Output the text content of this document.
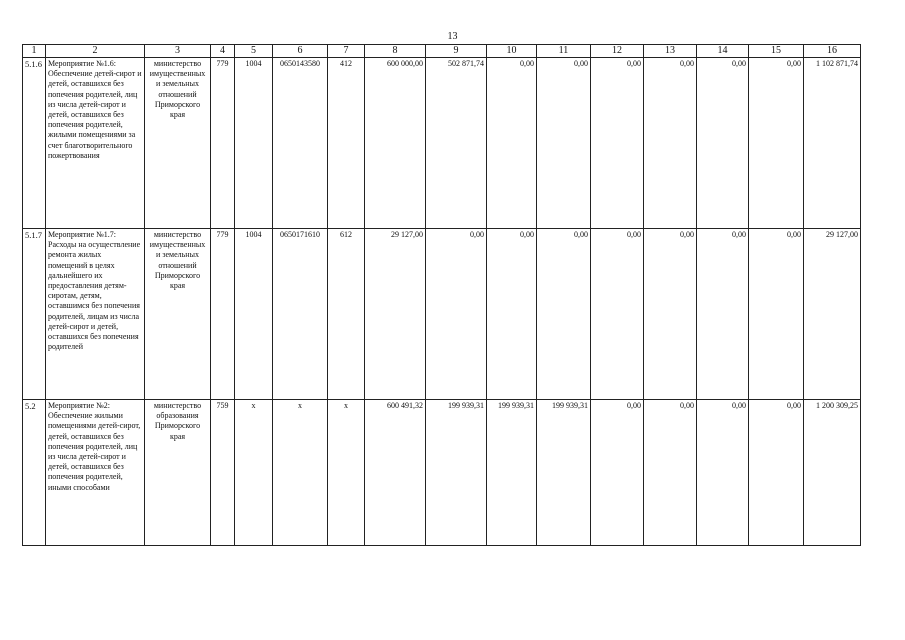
13
1	2	3	4	5	6	7	8	9	10	11	12	13	14	15	16
5.1.6	Мероприятие №1.6: Обеспечение детей-сирот и детей, оставшихся без попечения родителей, лиц из числа детей-сирот и детей, оставшихся без попечения родителей, жилыми помещениями за счет благотворительного пожертвования	министерство имущественных и земельных отношений Приморского края	779	1004	0650143580	412	600 000,00	502 871,74	0,00	0,00	0,00	0,00	0,00	0,00	1 102 871,74
5.1.7	Мероприятие №1.7: Расходы на осуществление ремонта жилых помещений в целях дальнейшего их предоставления детям-сиротам, детям, оставшимся без попечения родителей, лицам из числа детей-сирот и детей, оставшихся без попечения родителей	министерство имущественных и земельных отношений Приморского края	779	1004	0650171610	612	29 127,00	0,00	0,00	0,00	0,00	0,00	0,00	0,00	29 127,00
5.2	Мероприятие №2: Обеспечение жилыми помещениями детей-сирот, детей, оставшихся без попечения родителей, лиц из числа детей-сирот и детей, оставшихся без попечения родителей, иными способами	министерство образования Приморского края	759	x	x	x	600 491,32	199 939,31	199 939,31	199 939,31	0,00	0,00	0,00	0,00	1 200 309,25
